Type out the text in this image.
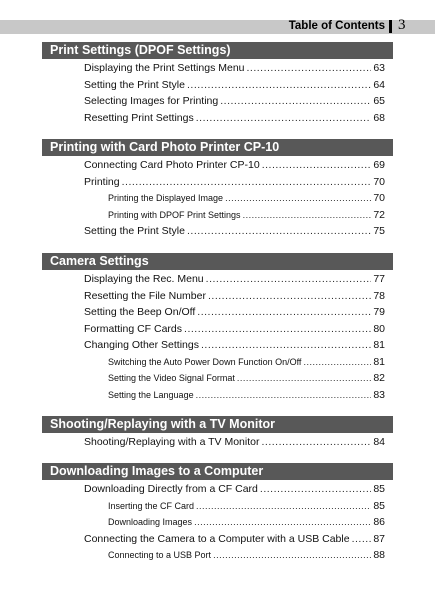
Table of Contents 3
Print Settings (DPOF Settings)
Displaying the Print Settings Menu .....	63
Setting the Print Style .....	64
Selecting Images for Printing .....	65
Resetting Print Settings .....	68
Printing with Card Photo Printer CP-10
Connecting Card Photo Printer CP-10 .....	69
Printing .....	70
Printing the Displayed Image .....	70
Printing with DPOF Print Settings .....	72
Setting the Print Style .....	75
Camera Settings
Displaying the Rec. Menu .....	77
Resetting the File Number .....	78
Setting the Beep On/Off .....	79
Formatting CF Cards .....	80
Changing Other Settings .....	81
Switching the Auto Power Down Function On/Off .....	81
Setting the Video Signal Format .....	82
Setting the Language .....	83
Shooting/Replaying with a TV Monitor
Shooting/Replaying with a TV Monitor .....	84
Downloading Images to a Computer
Downloading Directly from a CF Card .....	85
Inserting the CF Card .....	85
Downloading Images .....	86
Connecting the Camera to a Computer with a USB Cable ..... 87
Connecting to a USB Port .....	88
